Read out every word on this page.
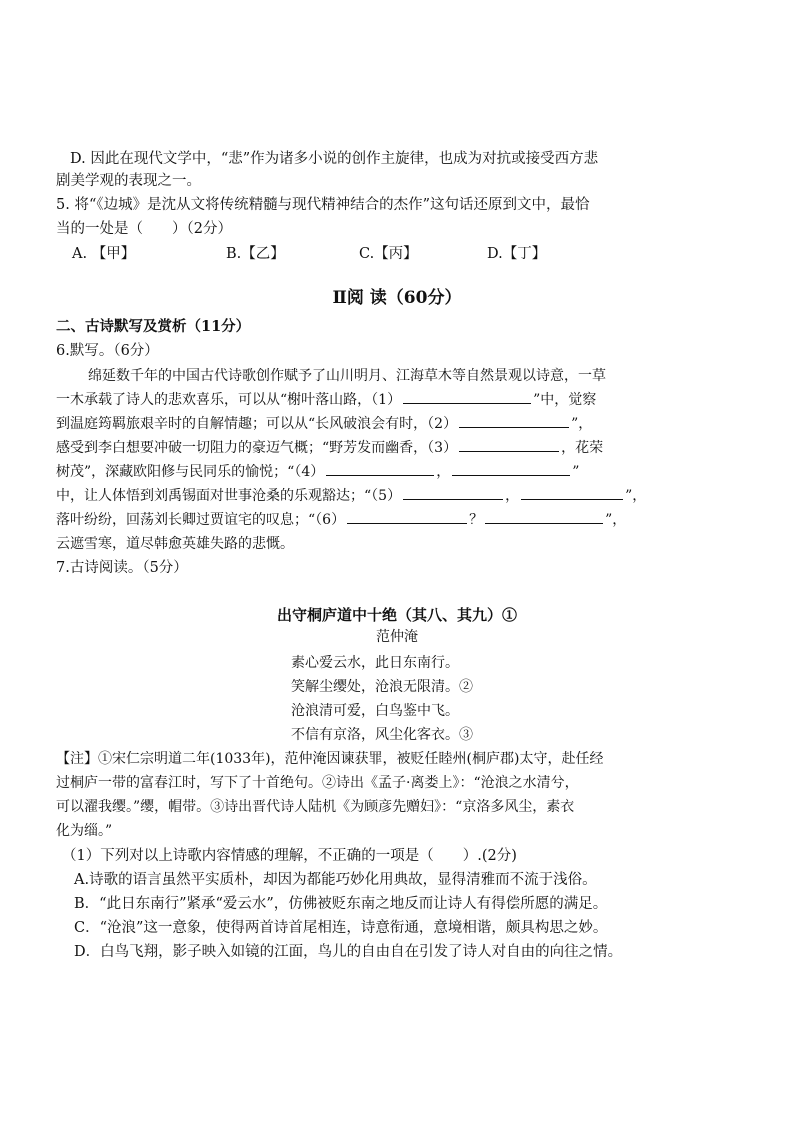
D. 因此在现代文学中，“悲”作为诸多小说的创作主旋律，也成为对抗或接受西方悲
剧美学观的表现之一。
5. 将“《边城》是沈从文将传统精髓与现代精神结合的杰作”这句话还原到文中，最恰
当的一处是（　　）（2分）
A. 【甲】	B.【乙】	C.【丙】	D.【丁】
Ⅱ阅 读（60分）
二、古诗默写及赏析（11分）
6.默写。（6分）
绵延数千年的中国古代诗歌创作赋予了山川明月、江海草木等自然景观以诗意，一草
一木承载了诗人的悲欢喜乐，可以从“榭叶落山路，（1）	”中，觉察
到温庭筠羁旅艰辛时的自解情趣；可以从“长风破浪会有时，（2）	”，
感受到李白想要冲破一切阻力的豪迈气概；“野芳发而幽香，（3）	，花荣
树茂”，深藏欧阳修与民同乐的愉悦；“（4）	，	”
中，让人体悟到刘禹锡面对世事沧桑的乐观豁达；“（5）	，	”，
落叶纷纷，回荡刘长卿过贾谊宅的叹息；“（6）	？	”，
云遮雪寒，道尽韩愈英雄失路的悲慨。
7.古诗阅读。（5分）
出守桐庐道中十绝（其八、其九）①
范仲淹
素心爱云水，此日东南行。
笑解尘缨处，沧浪无限清。②
沧浪清可爱，白鸟鉴中飞。
不信有京洛，风尘化客衣。③
【注】①宋仁宗明道二年(1033年)，范仲淹因谏获罪，被贬任睦州(桐庐郡)太守，赴任经
过桐庐一带的富春江时，写下了十首绝句。②诗出《孟子·离娄上》：“沧浪之水清兮，
可以濯我缨。”缨，帽带。③诗出晋代诗人陆机《为顾彦先赠妇》：“京洛多风尘，素衣
化为缁。”
（1）下列对以上诗歌内容情感的理解，不正确的一项是（　　）.(2分)
A.诗歌的语言虽然平实质朴，却因为都能巧妙化用典故，显得清雅而不流于浅俗。
B．“此日东南行”紧承“爱云水”，仿佛被贬东南之地反而让诗人有得偿所愿的满足。
C．“沧浪”这一意象，使得两首诗首尾相连，诗意衔通，意境相谐，颇具构思之妙。
D．白鸟飞翔，影子映入如镜的江面，鸟儿的自由自在引发了诗人对自由的向往之情。
